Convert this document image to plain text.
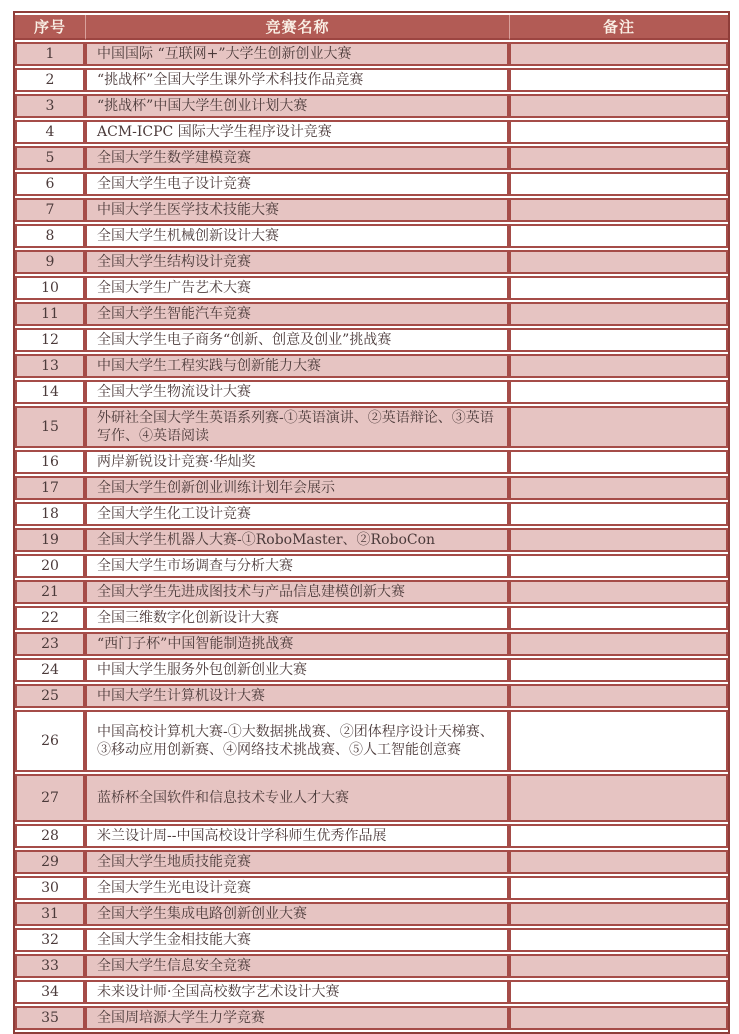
序号	竞赛名称	备注
1	中国国际 “互联网+”大学生创新创业大赛	
2	“挑战杯”全国大学生课外学术科技作品竞赛	
3	“挑战杯”中国大学生创业计划大赛	
4	ACM-ICPC 国际大学生程序设计竞赛	
5	全国大学生数学建模竞赛	
6	全国大学生电子设计竞赛	
7	中国大学生医学技术技能大赛	
8	全国大学生机械创新设计大赛	
9	全国大学生结构设计竞赛	
10	全国大学生广告艺术大赛	
11	全国大学生智能汽车竞赛	
12	全国大学生电子商务“创新、创意及创业”挑战赛	
13	中国大学生工程实践与创新能力大赛	
14	全国大学生物流设计大赛	
15	外研社全国大学生英语系列赛-①英语演讲、②英语辩论、③英语写作、④英语阅读	
16	两岸新锐设计竞赛·华灿奖	
17	全国大学生创新创业训练计划年会展示	
18	全国大学生化工设计竞赛	
19	全国大学生机器人大赛-①RoboMaster、②RoboCon	
20	全国大学生市场调查与分析大赛	
21	全国大学生先进成图技术与产品信息建模创新大赛	
22	全国三维数字化创新设计大赛	
23	“西门子杯”中国智能制造挑战赛	
24	中国大学生服务外包创新创业大赛	
25	中国大学生计算机设计大赛	
26	中国高校计算机大赛-①大数据挑战赛、②团体程序设计天梯赛、③移动应用创新赛、④网络技术挑战赛、⑤人工智能创意赛	
27	蓝桥杯全国软件和信息技术专业人才大赛	
28	米兰设计周--中国高校设计学科师生优秀作品展	
29	全国大学生地质技能竞赛	
30	全国大学生光电设计竞赛	
31	全国大学生集成电路创新创业大赛	
32	全国大学生金相技能大赛	
33	全国大学生信息安全竞赛	
34	未来设计师·全国高校数字艺术设计大赛	
35	全国周培源大学生力学竞赛	
